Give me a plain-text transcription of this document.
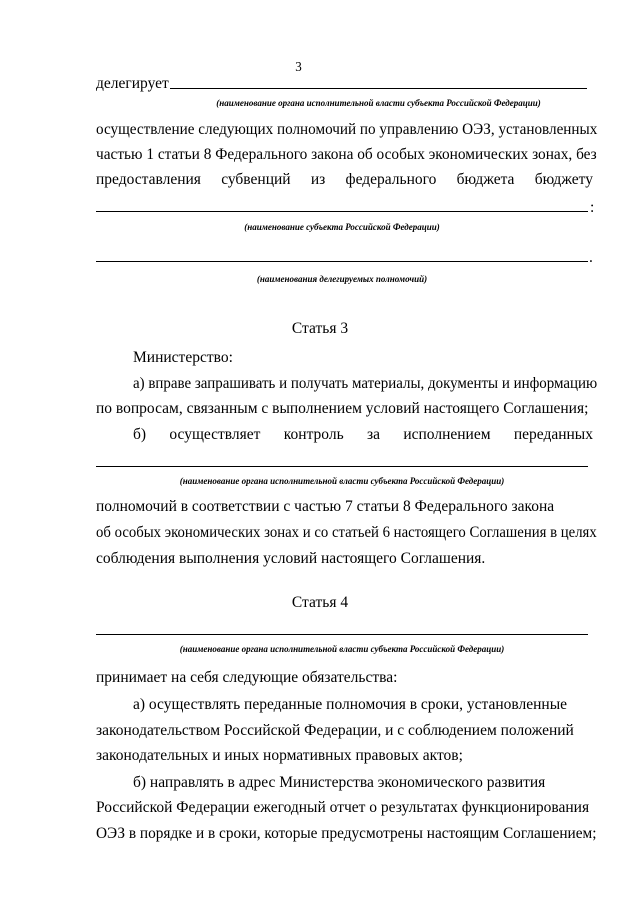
3
делегирует
(наименование органа исполнительной власти субъекта Российской Федерации)
осуществление следующих полномочий по управлению ОЭЗ, установленных
частью 1 статьи 8 Федерального закона об особых экономических зонах, без
предоставления субвенций из федерального бюджета бюджету
:
(наименование субъекта Российской Федерации)
.
(наименования делегируемых полномочий)
Статья 3
Министерство:
а) вправе запрашивать и получать материалы, документы и информацию
по вопросам, связанным с выполнением условий настоящего Соглашения;
б) осуществляет контроль за исполнением переданных
(наименование органа исполнительной власти субъекта Российской Федерации)
полномочий в соответствии с частью 7 статьи 8 Федерального закона
об особых экономических зонах и со статьей 6 настоящего Соглашения в целях
соблюдения выполнения условий настоящего Соглашения.
Статья 4
(наименование органа исполнительной власти субъекта Российской Федерации)
принимает на себя следующие обязательства:
а) осуществлять переданные полномочия в сроки, установленные
законодательством Российской Федерации, и с соблюдением положений
законодательных и иных нормативных правовых актов;
б) направлять в адрес Министерства экономического развития
Российской Федерации ежегодный отчет о результатах функционирования
ОЭЗ в порядке и в сроки, которые предусмотрены настоящим Соглашением;
